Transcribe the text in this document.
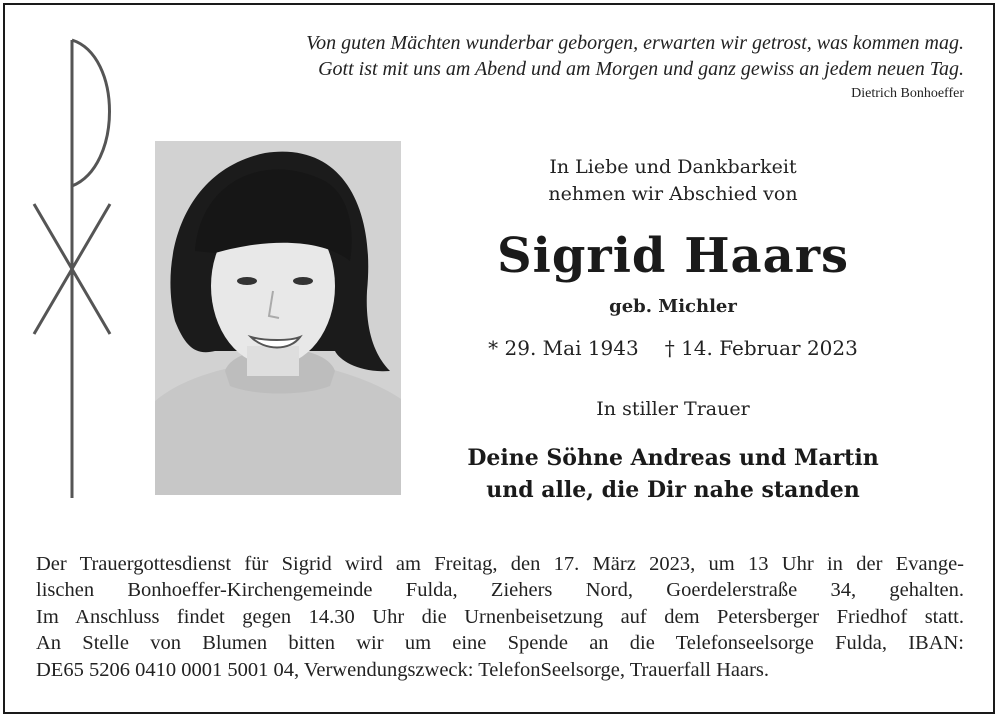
Von guten Mächten wunderbar geborgen, erwarten wir getrost, was kommen mag.
Gott ist mit uns am Abend und am Morgen und ganz gewiss an jedem neuen Tag.
Dietrich Bonhoeffer
In Liebe und Dankbarkeit
nehmen wir Abschied von
Sigrid Haars
geb. Michler
* 29. Mai 1943 † 14. Februar 2023
In stiller Trauer
Deine Söhne Andreas und Martin
und alle, die Dir nahe standen
Der Trauergottesdienst für Sigrid wird am Freitag, den 17. März 2023, um 13 Uhr in der Evange-
lischen Bonhoeffer-Kirchengemeinde Fulda, Ziehers Nord, Goerdelerstraße 34, gehalten.
Im Anschluss findet gegen 14.30 Uhr die Urnenbeisetzung auf dem Petersberger Friedhof statt.
An Stelle von Blumen bitten wir um eine Spende an die Telefonseelsorge Fulda, IBAN:
DE65 5206 0410 0001 5001 04, Verwendungszweck: TelefonSeelsorge, Trauerfall Haars.
